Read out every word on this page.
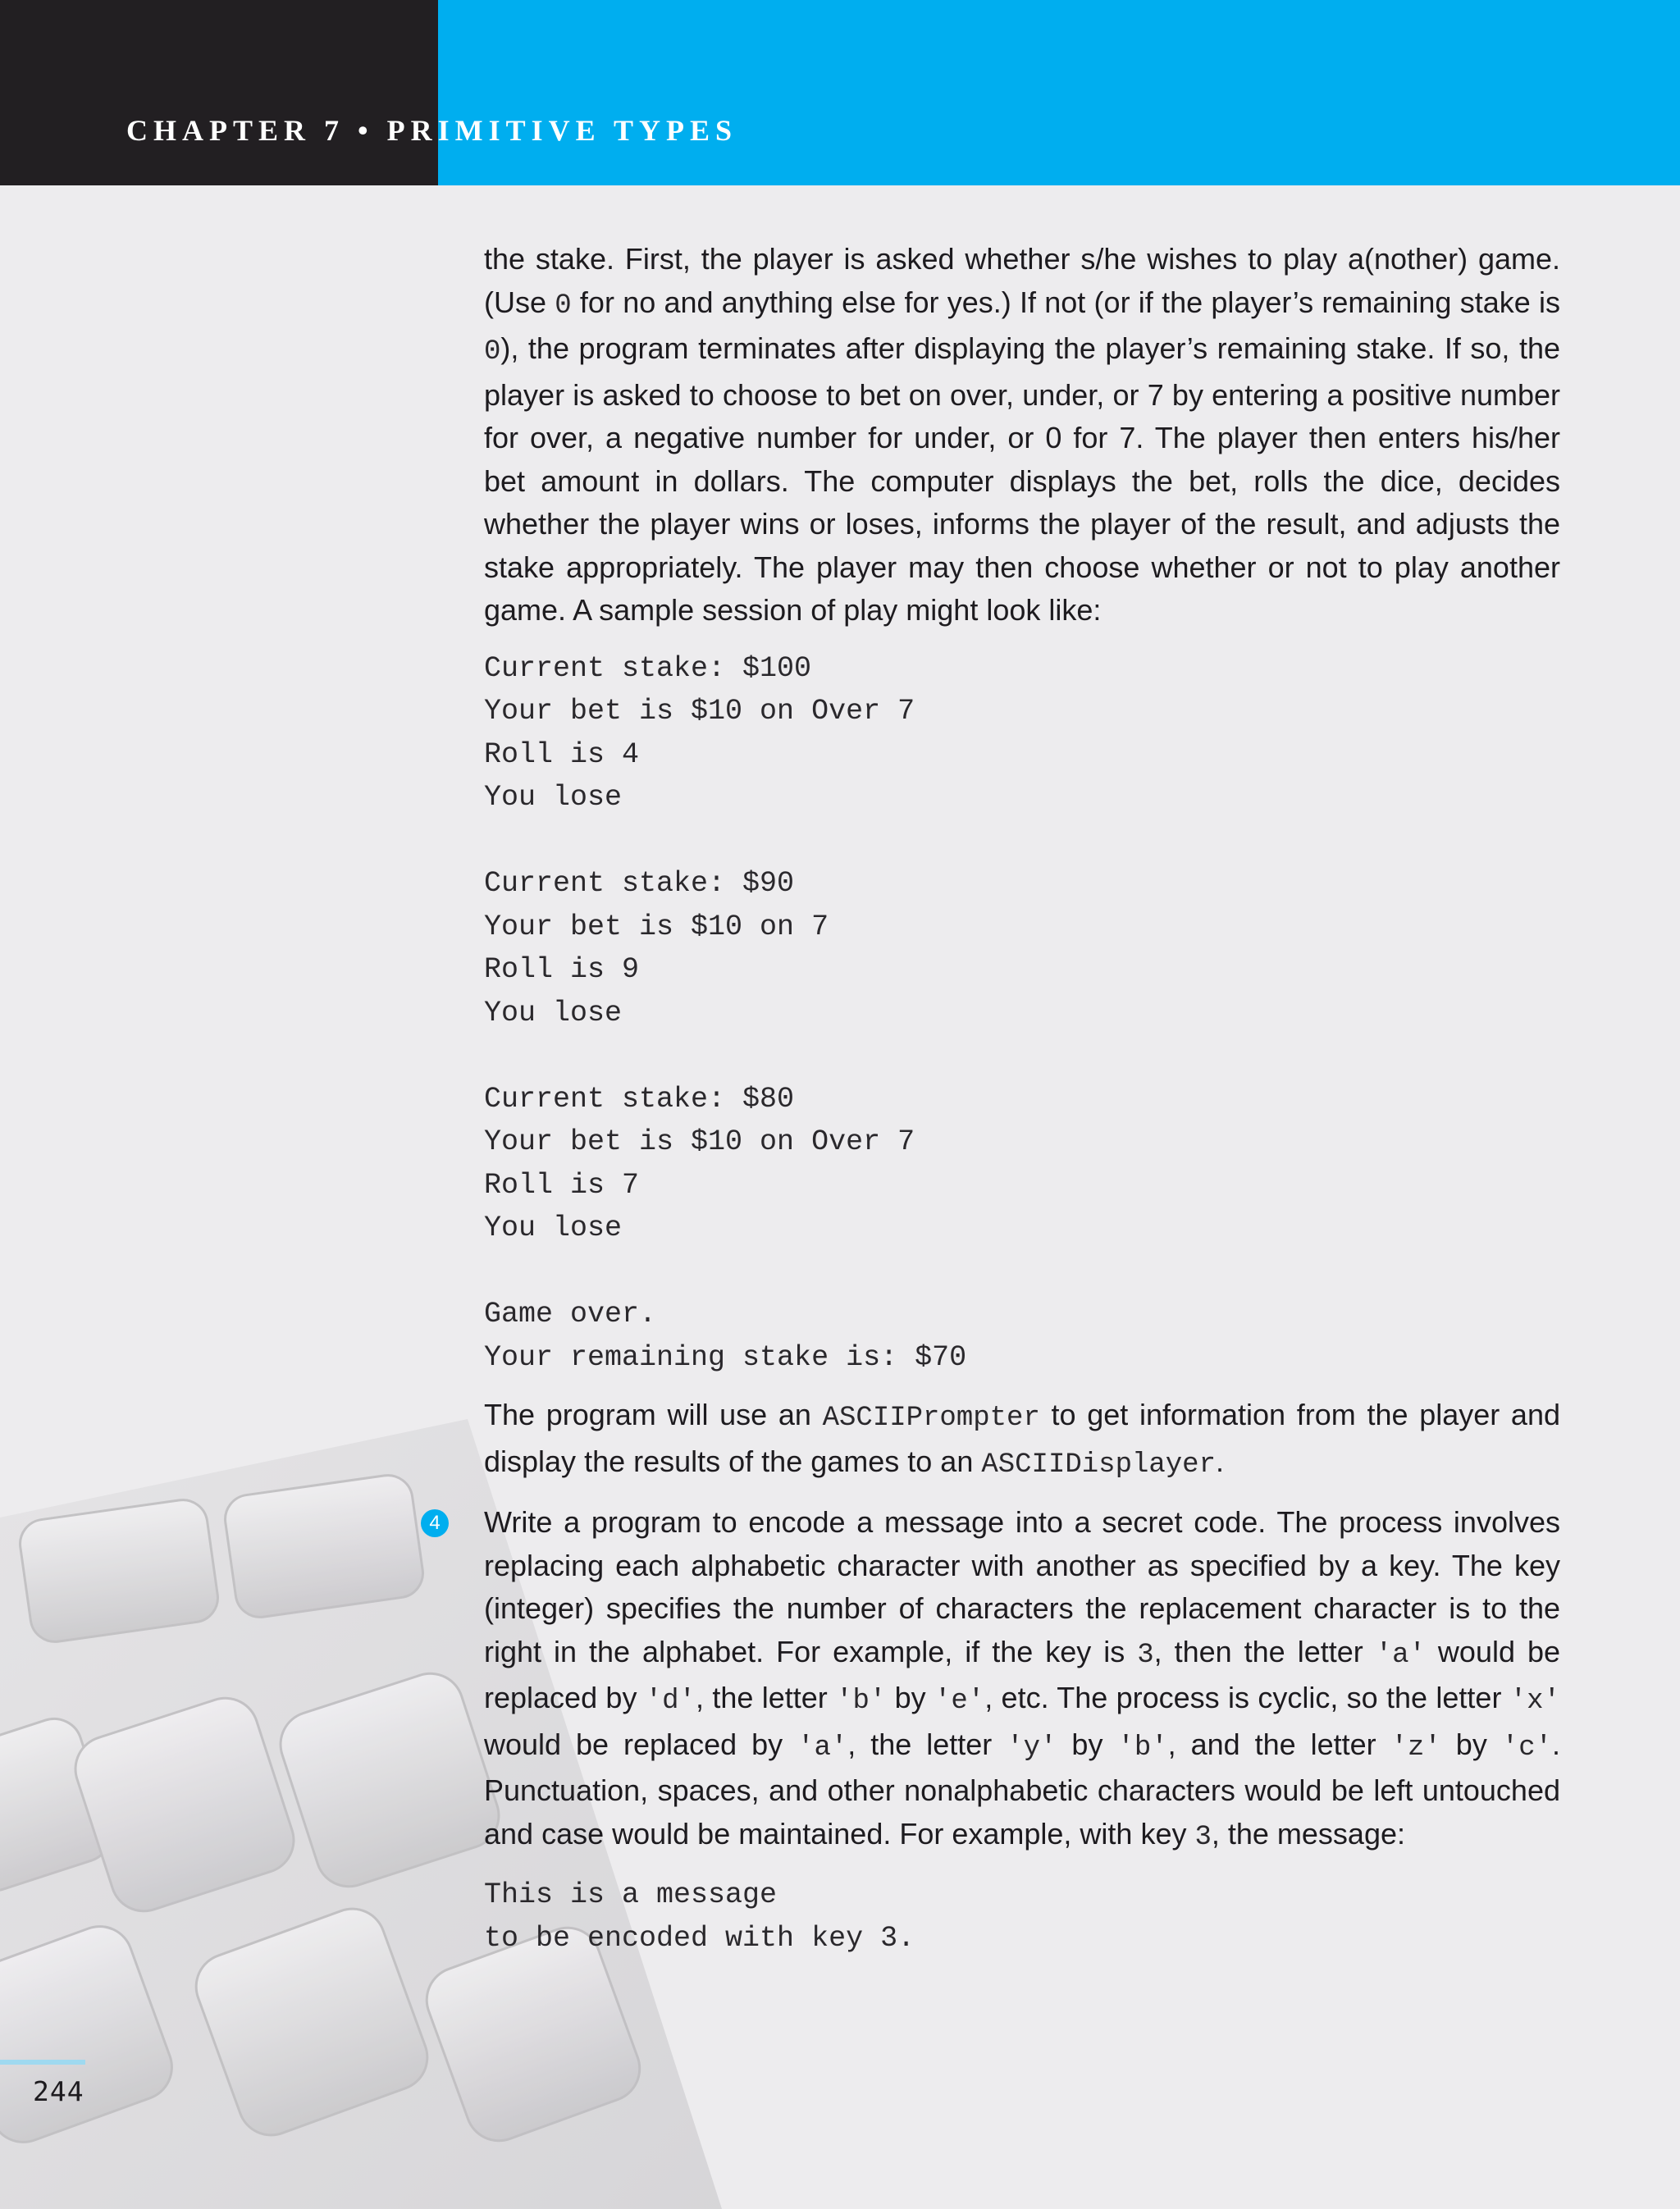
CHAPTER 7 • PRIMITIVE TYPES
244

the stake. First, the player is asked whether s/he wishes to play a(nother) game. (Use 0 for no and anything else for yes.) If not (or if the player’s remaining stake is 0), the program terminates after displaying the player’s remaining stake. If so, the player is asked to choose to bet on over, under, or 7 by entering a positive number for over, a negative number for under, or 0 for 7. The player then enters his/her bet amount in dollars. The computer displays the bet, rolls the dice, decides whether the player wins or loses, informs the player of the result, and adjusts the stake appropriately. The player may then choose whether or not to play another game. A sample session of play might look like:

Current stake: $100
Your bet is $10 on Over 7
Roll is 4
You lose
Current stake: $90
Your bet is $10 on 7
Roll is 9
You lose
Current stake: $80
Your bet is $10 on Over 7
Roll is 7
You lose
Game over.
Your remaining stake is: $70

The program will use an ASCIIPrompter to get information from the player and display the results of the games to an ASCIIDisplayer.

4 Write a program to encode a message into a secret code. The process involves replacing each alphabetic character with another as specified by a key. The key (integer) specifies the number of characters the replacement character is to the right in the alphabet. For example, if the key is 3, then the letter 'a' would be replaced by 'd', the letter 'b' by 'e', etc. The process is cyclic, so the letter 'x' would be replaced by 'a', the letter 'y' by 'b', and the letter 'z' by 'c'. Punctuation, spaces, and other nonalphabetic characters would be left untouched and case would be maintained. For example, with key 3, the message:

This is a message
to be encoded with key 3.
